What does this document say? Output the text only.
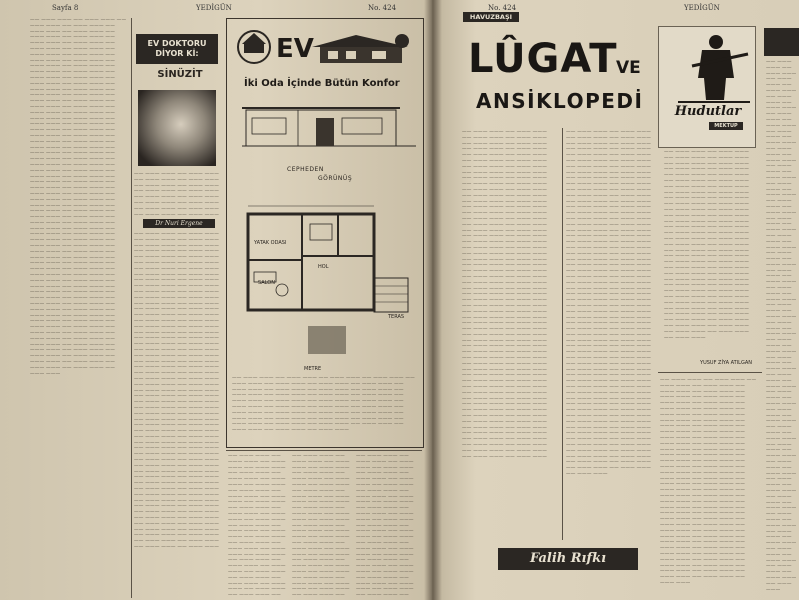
Sayfa 8	YEDİGÜN	No. 424
—— ——— ——— —— ——— ——— —— ——— ——— —— ——— ——— —— ——— ——— —— ——— ——— —— ——— ——— —— ——— ——— —— ——— ——— —— ——— ——— —— ——— ——— —— ——— ——— —— ——— ——— —— ——— ——— —— ——— ——— —— ——— ——— —— ——— ——— —— ——— ——— —— ——— ——— —— ——— ——— —— ——— ——— —— ——— ——— —— ——— ——— —— ——— ——— —— ——— ——— —— ——— ——— —— ——— ——— —— ——— ——— —— ——— ——— —— ——— ——— —— ——— ——— —— ——— ——— —— ——— ——— —— ——— ——— —— ——— ——— —— ——— ——— —— ——— ——— —— ——— ——— —— ——— ——— —— ——— ——— —— ——— ——— —— ——— ——— —— ——— ——— —— ——— ——— —— ——— ——— —— ——— ——— —— ——— ——— —— ——— ——— —— ——— ——— —— ——— ——— —— ——— ——— —— ——— ——— —— ——— ——— —— ——— ——— —— ——— ——— —— ——— ——— —— ——— ——— —— ——— ——— —— ——— ——— —— ——— ——— —— ——— ——— —— ——— ——— —— ——— ——— —— ——— ——— —— ——— ——— —— ——— ——— —— ——— ——— —— ——— ——— —— ——— ——— —— ——— ——— —— ——— ——— —— ——— ——— —— ——— ——— —— ——— ——— —— ——— ——— —— ——— ——— —— ——— ——— —— ——— ——— —— ——— ——— —— ——— ——— —— ——— ——— —— ——— ——— —— ——— ——— —— ——— ——— —— ——— ——— —— ——— ——— —— ——— ——— —— ——— ——— —— ——— ——— —— ——— ——— —— ——— ——— —— ——— ——— —— ——— ——— —— ——— ——— —— ——— ——— —— ——— ——— —— ——— ——— —— ——— ——— —— ——— ——— —— ——— ——— —— ——— ——— —— ——— ——— —— ——— ——— —— ——— ——— —— ——— ——— —— ——— ——— —— ——— ——— —— ——— ——— —— ——— ——— —— ——— ——— —— ——— ——— —— ——— ——— —— ——— ——— —— ——— ——— —— ——— ——— —— ——— ——— —— ——— ——— —— ——— ——— —— ——— ——— —— ——— ——— —— ——— ——— —— ——— ——— —— ——— ———
EV DOKTORU DİYOR Kİ:
SİNÜZİT
—— ——— ——— —— ——— ——— —— ——— ——— —— ——— ——— —— ——— ——— —— ——— ——— —— ——— ——— —— ——— ——— —— ——— ——— —— ——— ——— —— ——— ——— —— ——— ——— —— ——— ——— —— ——— ——— —— ——— ——— —— ——— ———
Dr Nuri Ergene
—— ——— ——— —— ——— ——— —— ——— ——— —— ——— ——— —— ——— ——— —— ——— ——— —— ——— ——— —— ——— ——— —— ——— ——— —— ——— ——— —— ——— ——— —— ——— ——— —— ——— ——— —— ——— ——— —— ——— ——— —— ——— ——— —— ——— ——— —— ——— ——— —— ——— ——— —— ——— ——— —— ——— ——— —— ——— ——— —— ——— ——— —— ——— ——— —— ——— ——— —— ——— ——— —— ——— ——— —— ——— ——— —— ——— ——— —— ——— ——— —— ——— ——— —— ——— ——— —— ——— ——— —— ——— ——— —— ——— ——— —— ——— ——— —— ——— ——— —— ——— ——— —— ——— ——— —— ——— ——— —— ——— ——— —— ——— ——— —— ——— ——— —— ——— ——— —— ——— ——— —— ——— ——— —— ——— ——— —— ——— ——— —— ——— ——— —— ——— ——— —— ——— ——— —— ——— ——— —— ——— ——— —— ——— ——— —— ——— ——— —— ——— ——— —— ——— ——— —— ——— ——— —— ——— ——— —— ——— ——— —— ——— ——— —— ——— ——— —— ——— ——— —— ——— ——— —— ——— ——— —— ——— ——— —— ——— ——— —— ——— ——— —— ——— ——— —— ——— ——— —— ——— ——— —— ——— ——— —— ——— ——— —— ——— ——— —— ——— ——— —— ——— ——— —— ——— ——— —— ——— ——— —— ——— ——— —— ——— ——— —— ——— ——— —— ——— ——— —— ——— ——— —— ——— ——— —— ——— ——— —— ——— ——— —— ——— ——— —— ——— ——— —— ——— ——— —— ——— ——— —— ——— ——— —— ——— ——— —— ——— ——— —— ——— ——— —— ——— ——— —— ——— ——— —— ——— ——— —— ——— ——— —— ——— ——— —— ——— ——— —— ——— ——— —— ——— ——— —— ——— ——— —— ——— ——— —— ——— ——— —— ——— ——— —— ——— ——— —— ——— ——— —— ——— ——— —— ——— ———
EV
İki Oda İçinde Bütün Konfor
CEPHEDEN
GÖRÜNÜŞ
YATAK ODASI
SALON
HOL
TERAS
METRE
—— ——— ——— —— ——— ——— —— ——— ——— —— ——— ——— —— ——— ——— —— ——— ——— —— ——— ——— —— ——— ——— —— ——— ——— —— ——— ——— —— ——— ——— —— ——— ——— —— ——— ——— —— ——— ——— —— ——— ——— —— ——— ——— —— ——— ——— —— ——— ——— —— ——— ——— —— ——— ——— —— ——— ——— —— ——— ——— —— ——— ——— —— ——— ——— —— ——— ——— —— ——— ——— —— ——— ——— —— ——— ——— —— ——— ——— —— ——— ——— —— ——— ——— —— ——— ——— —— ——— ——— —— ——— ——— —— ——— ——— —— ——— ——— —— ——— ——— —— ——— ——— —— ——— ———
—— ——— ——— —— ——— ——— —— ——— ——— —— ——— ——— —— ——— ——— —— ——— ——— —— ——— ——— —— ——— ——— —— ——— ——— —— ——— ——— —— ——— ——— —— ——— ——— —— ——— ——— —— ——— ——— —— ——— ——— —— ——— ——— —— ——— ——— —— ——— ——— —— ——— ——— —— ——— ——— —— ——— ——— —— ——— ——— —— ——— ——— —— ——— ——— —— ——— ——— —— ——— ——— —— ——— ——— —— ——— ——— —— ——— ——— —— ——— ——— —— ——— ——— —— ——— ——— —— ——— ——— ——
—— ——— ——— —— ——— ——— —— ——— ——— —— ——— ——— —— ——— ——— —— ——— ——— —— ——— ——— —— ——— ——— —— ——— ——— —— ——— ——— —— ——— ——— —— ——— ——— —— ——— ——— —— ——— ——— —— ——— ——— —— ——— ——— —— ——— ——— —— ——— ——— —— ——— ——— —— ——— ——— —— ——— ——— —— ——— ——— —— ——— ——— —— ——— ——— —— ——— ——— —— ——— ——— —— ——— ——— —— ——— ——— —— ——— ——— —— ——— ——— —— ——— ——— —— ——— ——— —— ——— ——— ——
—— ——— ——— —— ——— ——— —— ——— ——— —— ——— ——— —— ——— ——— —— ——— ——— —— ——— ——— —— ——— ——— —— ——— ——— —— ——— ——— —— ——— ——— —— ——— ——— —— ——— ——— —— ——— ——— —— ——— ——— —— ——— ——— —— ——— ——— —— ——— ——— —— ——— ——— —— ——— ——— —— ——— ——— —— ——— ——— —— ——— ——— —— ——— ——— —— ——— ——— —— ——— ——— —— ——— ——— —— ——— ——— —— ——— ——— —— ——— ——— —— ——— ——— —— ——— ——— —— ——— ——— ——
No. 424	YEDİGÜN
HAVUZBAŞI
LÛGAT
VE
ANSİKLOPEDİ
—— ——— ——— —— ——— ——— —— ——— ——— —— ——— ——— —— ——— ——— —— ——— ——— —— ——— ——— —— ——— ——— —— ——— ——— —— ——— ——— —— ——— ——— —— ——— ——— —— ——— ——— —— ——— ——— —— ——— ——— —— ——— ——— —— ——— ——— —— ——— ——— —— ——— ——— —— ——— ——— —— ——— ——— —— ——— ——— —— ——— ——— —— ——— ——— —— ——— ——— —— ——— ——— —— ——— ——— —— ——— ——— —— ——— ——— —— ——— ——— —— ——— ——— —— ——— ——— —— ——— ——— —— ——— ——— —— ——— ——— —— ——— ——— —— ——— ——— —— ——— ——— —— ——— ——— —— ——— ——— —— ——— ——— —— ——— ——— —— ——— ——— —— ——— ——— —— ——— ——— —— ——— ——— —— ——— ——— —— ——— ——— —— ——— ——— —— ——— ——— —— ——— ——— —— ——— ——— —— ——— ——— —— ——— ——— —— ——— ——— —— ——— ——— —— ——— ——— —— ——— ——— —— ——— ——— —— ——— ——— —— ——— ——— —— ——— ——— —— ——— ——— —— ——— ——— —— ——— ——— —— ——— ——— —— ——— ——— —— ——— ——— —— ——— ——— —— ——— ——— —— ——— ——— —— ——— ——— —— ——— ——— —— ——— ——— —— ——— ——— —— ——— ——— —— ——— ——— —— ——— ——— —— ——— ——— —— ——— ——— —— ——— ——— —— ——— ——— —— ——— ——— —— ——— ——— —— ——— ——— —— ——— ——— —— ——— ——— —— ——— ——— —— ——— ——— —— ——— ——— —— ——— ——— —— ——— ——— —— ——— ——— —— ——— ——— —— ——— ——— —— ——— ——— —— ——— ——— —— ——— ——— —— ——— ——— —— ——— ——— —— ——— ——— —— ——— ——— —— ——— ——— —— ——— ——— —— ——— ——— —— ——— ——— —— ——— ——— —— ——— ——— —— ——— ——— —— ——— ——— —— ——— ——— —— ——— ——— —— ——— ——— —— ——— ———
—— ——— ——— —— ——— ——— —— ——— ——— —— ——— ——— —— ——— ——— —— ——— ——— —— ——— ——— —— ——— ——— —— ——— ——— —— ——— ——— —— ——— ——— —— ——— ——— —— ——— ——— —— ——— ——— —— ——— ——— —— ——— ——— —— ——— ——— —— ——— ——— —— ——— ——— —— ——— ——— —— ——— ——— —— ——— ——— —— ——— ——— —— ——— ——— —— ——— ——— —— ——— ——— —— ——— ——— —— ——— ——— —— ——— ——— —— ——— ——— —— ——— ——— —— ——— ——— —— ——— ——— —— ——— ——— —— ——— ——— —— ——— ——— —— ——— ——— —— ——— ——— —— ——— ——— —— ——— ——— —— ——— ——— —— ——— ——— —— ——— ——— —— ——— ——— —— ——— ——— —— ——— ——— —— ——— ——— —— ——— ——— —— ——— ——— —— ——— ——— —— ——— ——— —— ——— ——— —— ——— ——— —— ——— ——— —— ——— ——— —— ——— ——— —— ——— ——— —— ——— ——— —— ——— ——— —— ——— ——— —— ——— ——— —— ——— ——— —— ——— ——— —— ——— ——— —— ——— ——— —— ——— ——— —— ——— ——— —— ——— ——— —— ——— ——— —— ——— ——— —— ——— ——— —— ——— ——— —— ——— ——— —— ——— ——— —— ——— ——— —— ——— ——— —— ——— ——— —— ——— ——— —— ——— ——— —— ——— ——— —— ——— ——— —— ——— ——— —— ——— ——— —— ——— ——— —— ——— ——— —— ——— ——— —— ——— ——— —— ——— ——— —— ——— ——— —— ——— ——— —— ——— ——— —— ——— ——— —— ——— ——— —— ——— ——— —— ——— ——— —— ——— ——— —— ——— ——— —— ——— ——— —— ——— ——— —— ——— ——— —— ——— ——— —— ——— ——— —— ——— ——— —— ——— ——— —— ——— ——— —— ——— ——— —— ——— ——— —— ——— ——— —— ——— ——— —— ——— ——— —— ——— ——— —— ——— ——— —— ——— ——— —— ——— ——— —— ——— ——— —— ——— ——— —— ——— ——— —— ——— ——— —— ——— ———
Hudutlar
MEKTUP
—— ——— ——— —— ——— ——— —— ——— ——— —— ——— ——— —— ——— ——— —— ——— ——— —— ——— ——— —— ——— ——— —— ——— ——— —— ——— ——— —— ——— ——— —— ——— ——— —— ——— ——— —— ——— ——— —— ——— ——— —— ——— ——— —— ——— ——— —— ——— ——— —— ——— ——— —— ——— ——— —— ——— ——— —— ——— ——— —— ——— ——— —— ——— ——— —— ——— ——— —— ——— ——— —— ——— ——— —— ——— ——— —— ——— ——— —— ——— ——— —— ——— ——— —— ——— ——— —— ——— ——— —— ——— ——— —— ——— ——— —— ——— ——— —— ——— ——— —— ——— ——— —— ——— ——— —— ——— ——— —— ——— ——— —— ——— ——— —— ——— ——— —— ——— ——— —— ——— ——— —— ——— ——— —— ——— ——— —— ——— ——— —— ——— ——— —— ——— ——— —— ——— ——— —— ——— ——— —— ——— ——— —— ——— ——— —— ——— ——— —— ——— ——— —— ——— ——— —— ——— ——— —— ——— ——— —— ——— ——— —— ——— ——— —— ——— ——— —— ——— ——— —— ——— ——— —— ——— ———
YUSUF ZİYA ATILGAN
—— ——— ——— —— ——— ——— —— ——— ——— —— ——— ——— —— ——— ——— —— ——— ——— —— ——— ——— —— ——— ——— —— ——— ——— —— ——— ——— —— ——— ——— —— ——— ——— —— ——— ——— —— ——— ——— —— ——— ——— —— ——— ——— —— ——— ——— —— ——— ——— —— ——— ——— —— ——— ——— —— ——— ——— —— ——— ——— —— ——— ——— —— ——— ——— —— ——— ——— —— ——— ——— —— ——— ——— —— ——— ——— —— ——— ——— —— ——— ——— —— ——— ——— —— ——— ——— —— ——— ——— —— ——— ——— —— ——— ——— —— ——— ——— —— ——— ——— —— ——— ——— —— ——— ——— —— ——— ——— —— ——— ——— —— ——— ——— —— ——— ——— —— ——— ——— —— ——— ——— —— ——— ——— —— ——— ——— —— ——— ——— —— ——— ——— —— ——— ——— —— ——— ——— —— ——— ——— —— ——— ——— —— ——— ——— —— ——— ——— —— ——— ——— —— ——— ——— —— ——— ——— —— ——— ——— —— ——— ——— —— ——— ——— —— ——— ——— —— ——— ——— —— ——— ——— —— ——— ——— —— ——— ——— —— ——— ——— —— ——— ——— —— ——— ——— —— ——— ——— —— ——— ———
—— ——— ——— —— ——— ——— —— ——— ——— —— ——— ——— —— ——— ——— —— ——— ——— —— ——— ——— —— ——— ——— —— ——— ——— —— ——— ——— —— ——— ——— —— ——— ——— —— ——— ——— —— ——— ——— —— ——— ——— —— ——— ——— —— ——— ——— —— ——— ——— —— ——— ——— —— ——— ——— —— ——— ——— —— ——— ——— —— ——— ——— —— ——— ——— —— ——— ——— —— ——— ——— —— ——— ——— —— ——— ——— —— ——— ——— —— ——— ——— —— ——— ——— —— ——— ——— —— ——— ——— —— ——— ——— —— ——— ——— —— ——— ——— —— ——— ——— —— ——— ——— —— ——— ——— —— ——— ——— —— ——— ——— —— ——— ——— —— ——— ——— —— ——— ——— —— ——— ——— —— ——— ——— —— ——— ——— —— ——— ——— —— ——— ——— —— ——— ——— —— ——— ——— —— ——— ——— —— ——— ——— —— ——— ——— —— ——— ——— —— ——— ——— —— ——— ——— —— ——— ——— —— ——— ——— —— ——— ——— —— ——— ———
Falih Rıfkı
